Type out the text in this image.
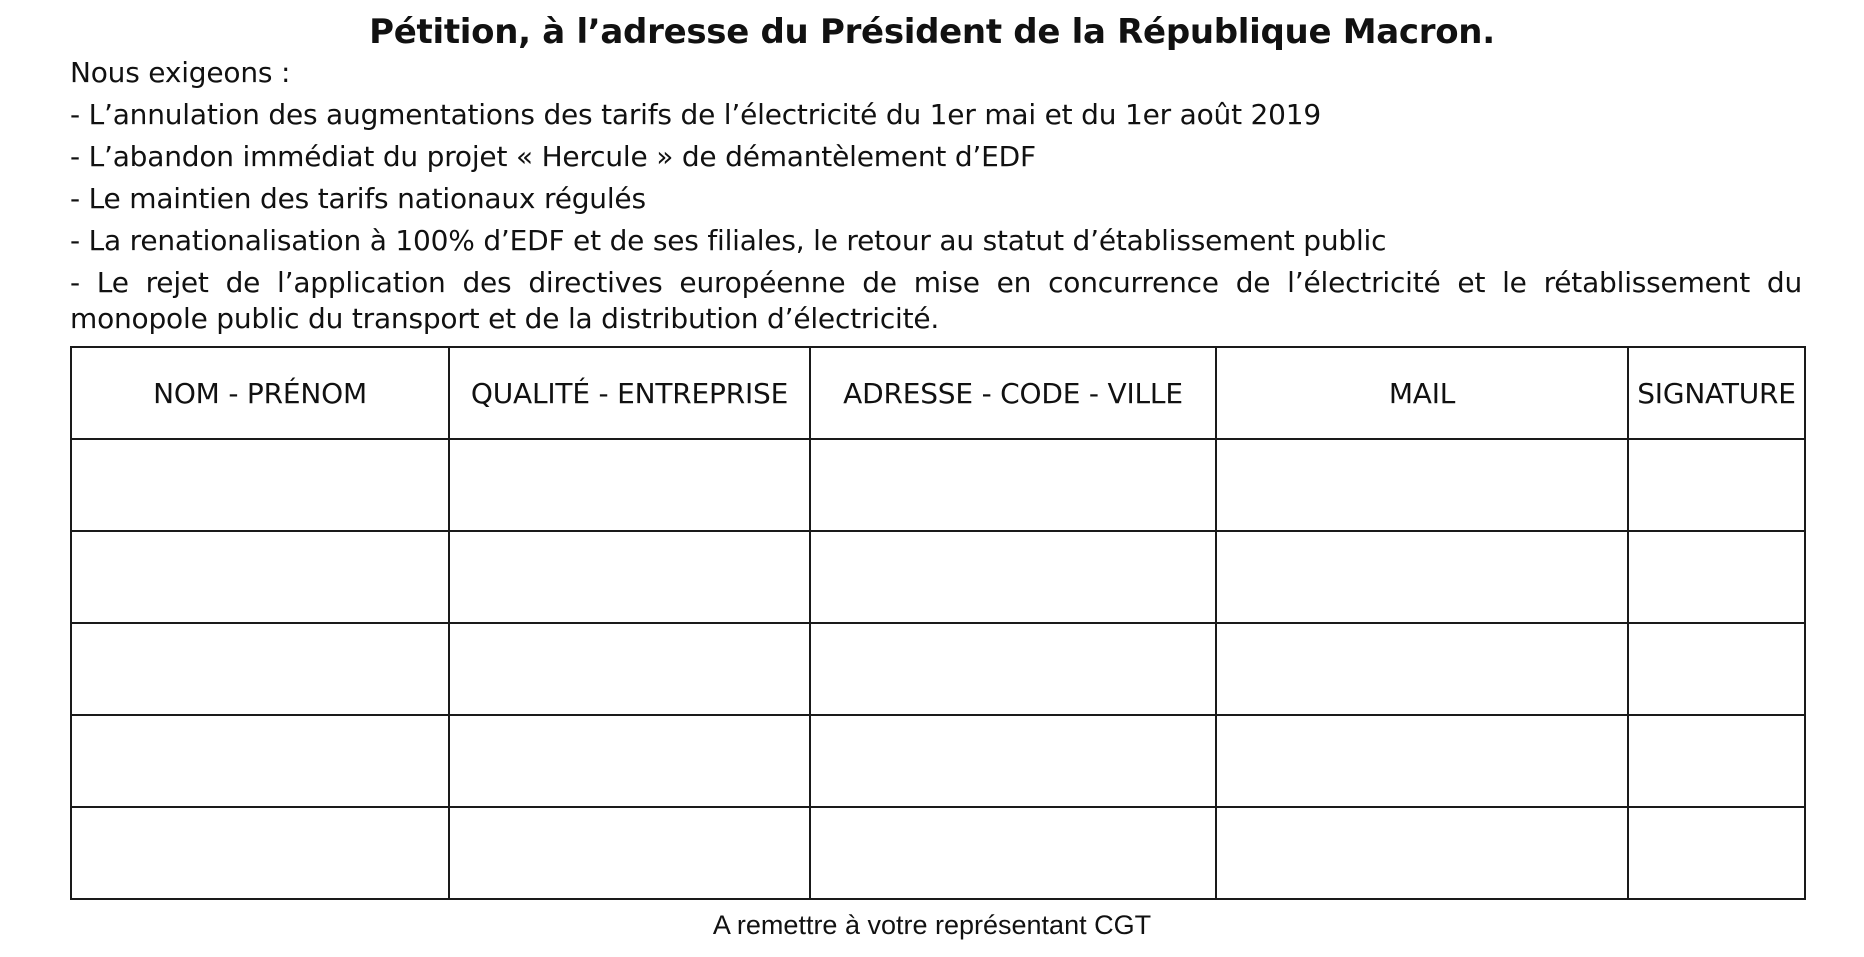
Pétition, à l’adresse du Président de la République Macron.
Nous exigeons :
- L’annulation des augmentations des tarifs de l’électricité du 1er mai et du 1er août 2019
- L’abandon immédiat du projet « Hercule » de démantèlement d’EDF
- Le maintien des tarifs nationaux régulés
- La renationalisation à 100% d’EDF et de ses filiales, le retour au statut d’établissement public
- Le rejet de l’application des directives européenne de mise en concurrence de l’électricité et le rétablissement du monopole public du transport et de la distribution d’électricité.
NOM - PRÉNOM	QUALITÉ - ENTREPRISE	ADRESSE - CODE - VILLE	MAIL	SIGNATURE

A remettre à votre représentant CGT
